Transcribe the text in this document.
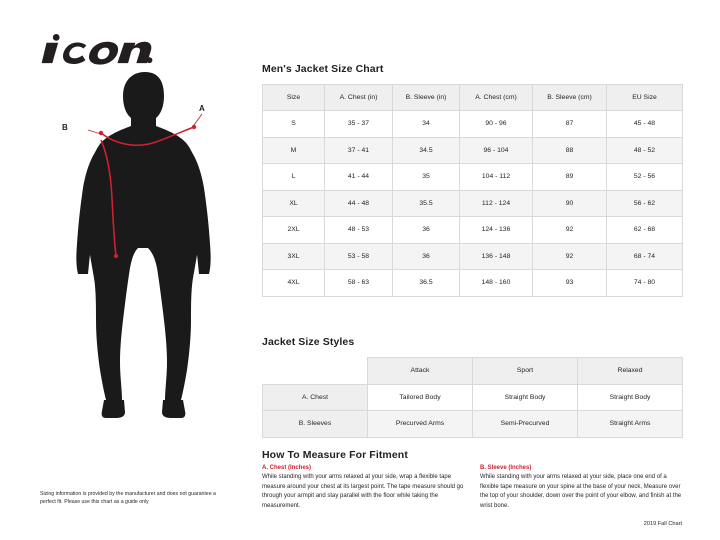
A
B
Sizing information is provided by the manufacturer and does not guarantee a perfect fit. Please use this chart as a guide only
Men's Jacket Size Chart
Size	A. Chest (in)	B. Sleeve (in)	A. Chest (cm)	B. Sleeve (cm)	EU Size
S	35 - 37	34	90 - 96	87	45 - 48
M	37 - 41	34.5	96 - 104	88	48 - 52
L	41 - 44	35	104 - 112	89	52 - 56
XL	44 - 48	35.5	112 - 124	90	56 - 62
2XL	48 - 53	36	124 - 136	92	62 - 68
3XL	53 - 58	36	136 - 148	92	68 - 74
4XL	58 - 63	36.5	148 - 160	93	74 - 80
Jacket Size Styles
	Attack	Sport	Relaxed
A. Chest	Tailored Body	Straight Body	Straight Body
B. Sleeves	Precurved Arms	Semi-Precurved	Straight Arms
How To Measure For Fitment
A. Chest (Inches)
While standing with your arms relaxed at your side, wrap a flexible tape measure around your chest at its largest point. The tape measure should go through your armpit and stay parallel with the floor while taking the measurement.
B. Sleeve (Inches)
While standing with your arms relaxed at your side, place one end of a flexible tape measure on your spine at the base of your neck, Measure over the top of your shoulder, down over the point of your elbow, and finish at the wrist bone.
2019 Fall Chart
